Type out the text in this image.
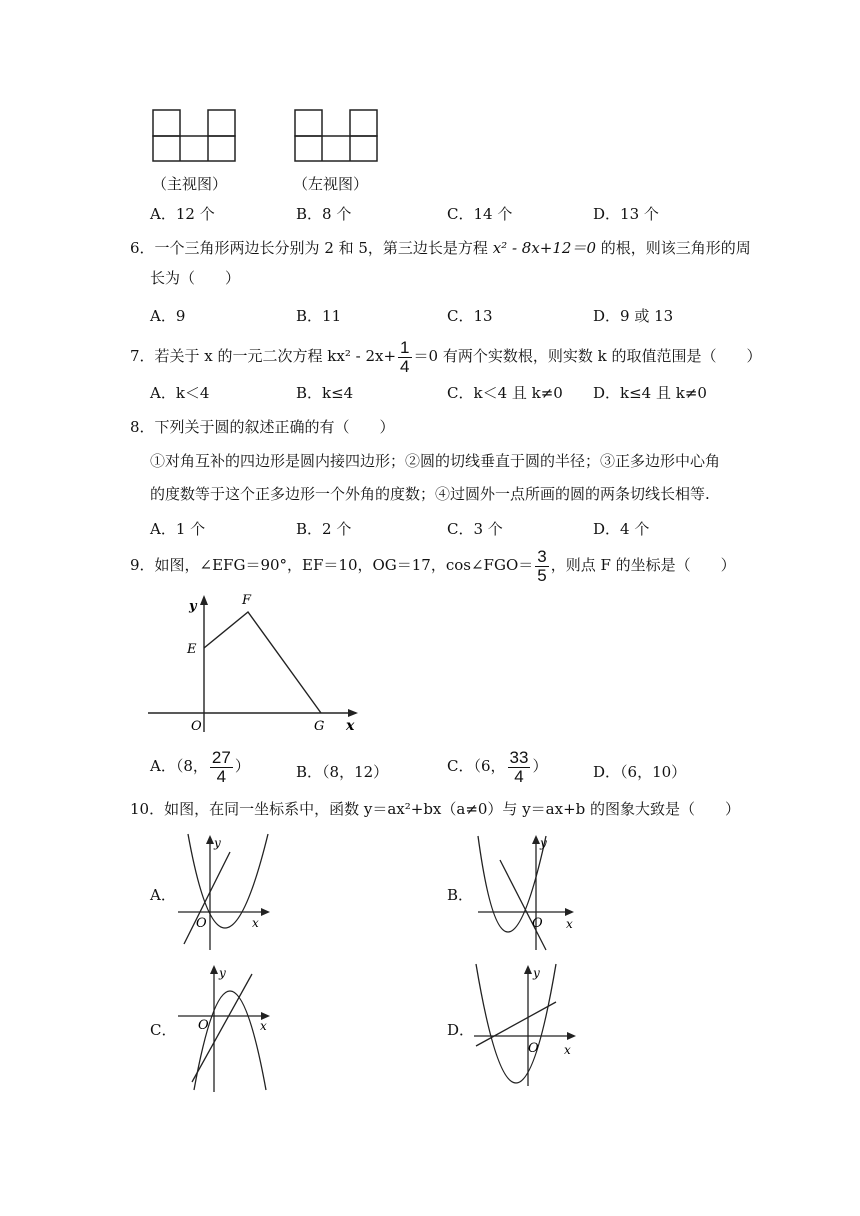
（主视图）	（左视图）
A．12 个	B．8 个	C．14 个	D．13 个
6．一个三角形两边长分别为 2 和 5，第三边长是方程 x² - 8x+12＝0 的根，则该三角形的周
长为（　　）
A．9	B．11	C．13	D．9 或 13
7．若关于 x 的一元二次方程 $kx^2 - 2x+ \frac{1}{4} =0$ 有两个实数根，则实数 k 的取值范围是（　　）
A．k＜4	B．k≤4	C．k＜4 且 k≠0 D．k≤4 且 k≠0
8．下列关于圆的叙述正确的有（　　）
①对角互补的四边形是圆内接四边形；②圆的切线垂直于圆的半径；③正多边形中心角
的度数等于这个正多边形一个外角的度数；④过圆外一点所画的圆的两条切线长相等.
A．1 个	B．2 个	C．3 个	D．4 个
9．如图，∠EFG＝90°，EF＝10，OG＝17，cos∠FGO＝ $\frac{3}{5}$ ，则点 F 的坐标是（　　）
y
x
F
E
O	G
A．（8， $\frac{27}{4}$ ）	B．（8，12）	C．（6， $\frac{33}{4}$ ）	D．（6，10）
10．如图，在同一坐标系中，函数 y＝ax²+bx（a≠0）与 y＝ax+b 的图象大致是（　　）
A．
y
x
O
B．
y
x
O
C．
y
x
O	D．
y
x
O
